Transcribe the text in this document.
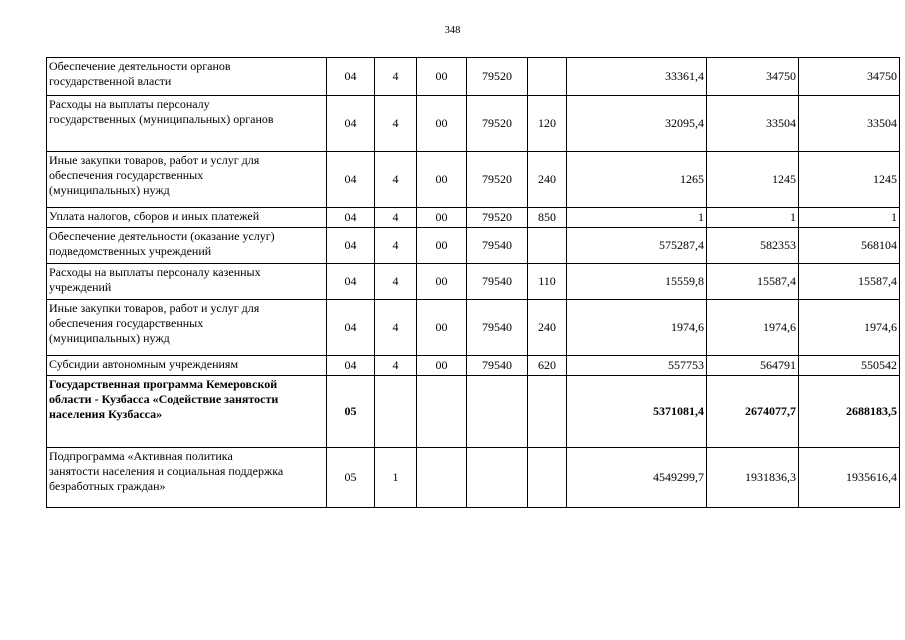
348
Обеспечение деятельности органов
государственной власти	04	4	00	79520		33361,4	34750	34750

Расходы на выплаты персоналу
государственных (муниципальных) органов	04	4	00	79520	120	32095,4	33504	33504

Иные закупки товаров, работ и услуг для
обеспечения государственных
(муниципальных) нужд	04	4	00	79520	240	1265	1245	1245

Уплата налогов, сборов и иных платежей	04	4	00	79520	850	1	1	1

Обеспечение деятельности (оказание услуг)
подведомственных учреждений	04	4	00	79540		575287,4	582353	568104

Расходы на выплаты персоналу казенных
учреждений	04	4	00	79540	110	15559,8	15587,4	15587,4

Иные закупки товаров, работ и услуг для
обеспечения государственных
(муниципальных) нужд	04	4	00	79540	240	1974,6	1974,6	1974,6

Субсидии автономным учреждениям	04	4	00	79540	620	557753	564791	550542

Государственная программа Кемеровской
области - Кузбасса «Содействие занятости
населения Кузбасса»	05					5371081,4	2674077,7	2688183,5

Подпрограмма «Активная политика
занятости населения и социальная поддержка
безработных граждан»	05	1				4549299,7	1931836,3	1935616,4
